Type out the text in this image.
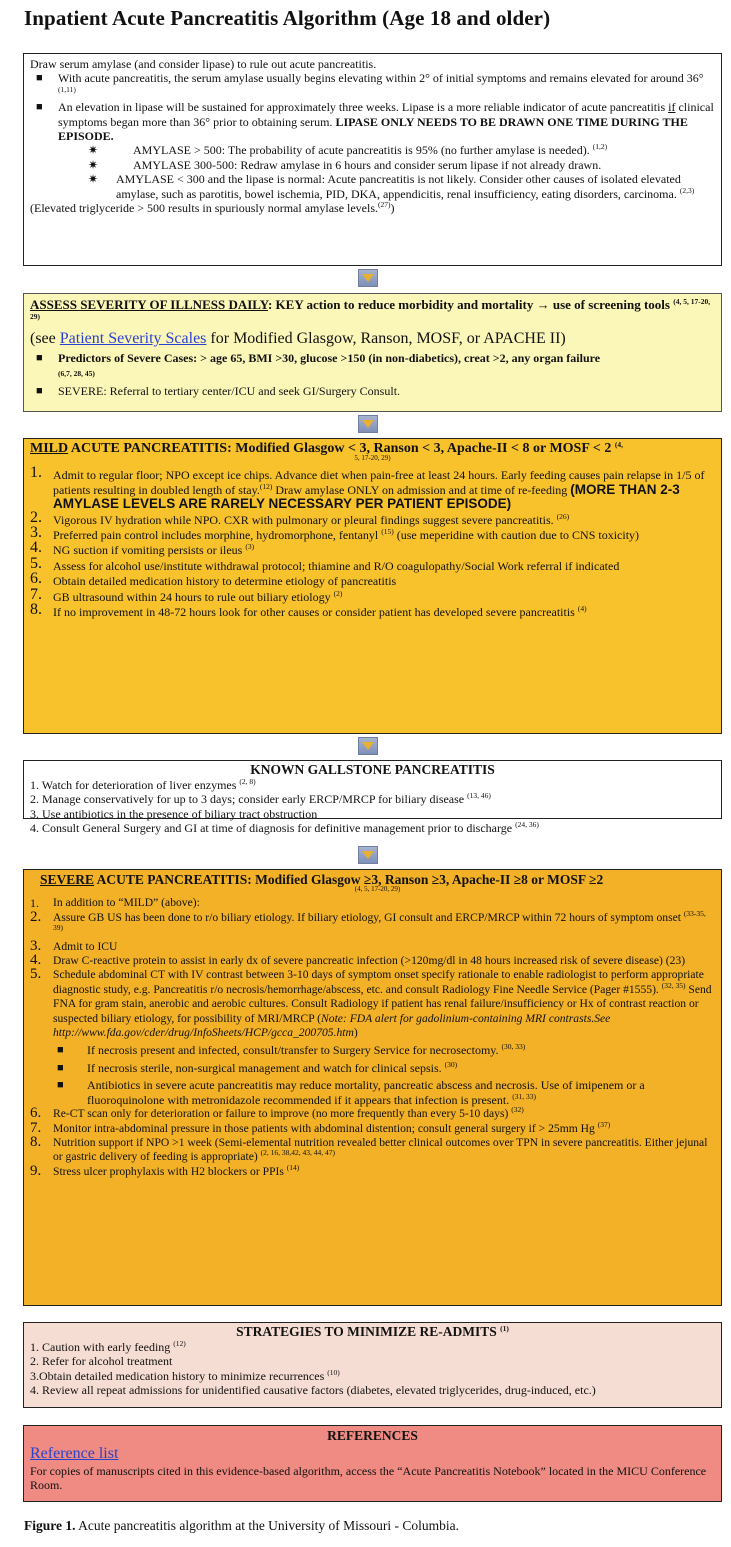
Inpatient Acute Pancreatitis Algorithm (Age 18 and older)
Draw serum amylase (and consider lipase) to rule out acute pancreatitis.
■ With acute pancreatitis, the serum amylase usually begins elevating within 2° of initial symptoms and remains elevated for around 36°$^{(1,11)}$
■ An elevation in lipase will be sustained for approximately three weeks. Lipase is a more reliable indicator of acute pancreatitis if clinical symptoms began more than 36° prior to obtaining serum. LIPASE ONLY NEEDS TO BE DRAWN ONE TIME DURING THE EPISODE.
✷	AMYLASE > 500: The probability of acute pancreatitis is 95% (no further amylase is needed). $^{(1,2)}$
✷	AMYLASE 300-500: Redraw amylase in 6 hours and consider serum lipase if not already drawn.
✷ AMYLASE < 300 and the lipase is normal: Acute pancreatitis is not likely. Consider other causes of isolated elevated amylase, such as parotitis, bowel ischemia, PID, DKA, appendicitis, renal insufficiency, eating disorders, carcinoma. $^{(2,3)}$
(Elevated triglyceride > 500 results in spuriously normal amylase levels.$^{(27)}$)
ASSESS SEVERITY OF ILLNESS DAILY: KEY action to reduce morbidity and mortality → use of screening tools $^{(4, 5, 17-20, 29)}$
(see Patient Severity Scales for Modified Glasgow, Ranson, MOSF, or APACHE II)
■ Predictors of Severe Cases: > age 65, BMI >30, glucose >150 (in non-diabetics), creat >2, any organ failure
(6,7, 28, 45)
■ SEVERE: Referral to tertiary center/ICU and seek GI/Surgery Consult.
MILD ACUTE PANCREATITIS: Modified Glasgow < 3, Ranson < 3, Apache-II < 8 or MOSF < 2 $^{(4,}$
5, 17-20, 29)
1. Admit to regular floor; NPO except ice chips. Advance diet when pain-free at least 24 hours. Early feeding causes pain relapse in 1/5 of patients resulting in doubled length of stay.$^{(12)}$ Draw amylase ONLY on admission and at time of re-feeding (MORE THAN 2-3 AMYLASE LEVELS ARE RARELY NECESSARY PER PATIENT EPISODE)
2. Vigorous IV hydration while NPO. CXR with pulmonary or pleural findings suggest severe pancreatitis. $^{(26)}$
3. Preferred pain control includes morphine, hydromorphone, fentanyl $^{(15)}$ (use meperidine with caution due to CNS toxicity)
4. NG suction if vomiting persists or ileus $^{(3)}$
5. Assess for alcohol use/institute withdrawal protocol; thiamine and R/O coagulopathy/Social Work referral if indicated
6. Obtain detailed medication history to determine etiology of pancreatitis
7. GB ultrasound within 24 hours to rule out biliary etiology $^{(2)}$
8. If no improvement in 48-72 hours look for other causes or consider patient has developed severe pancreatitis $^{(4)}$
KNOWN GALLSTONE PANCREATITIS
1. Watch for deterioration of liver enzymes $^{(2, 8)}$
2. Manage conservatively for up to 3 days; consider early ERCP/MRCP for biliary disease $^{(13, 46)}$
3. Use antibiotics in the presence of biliary tract obstruction
4. Consult General Surgery and GI at time of diagnosis for definitive management prior to discharge $^{(24, 36)}$
SEVERE ACUTE PANCREATITIS: Modified Glasgow ≥3, Ranson ≥3, Apache-II ≥8 or MOSF ≥2
(4, 5, 17-20, 29)
1. In addition to “MILD” (above):
2. Assure GB US has been done to r/o biliary etiology. If biliary etiology, GI consult and ERCP/MRCP within 72 hours of symptom onset $^{(33-35, 39)}$
3. Admit to ICU
4. Draw C-reactive protein to assist in early dx of severe pancreatic infection (>120mg/dl in 48 hours increased risk of severe disease) (23)
5. Schedule abdominal CT with IV contrast between 3-10 days of symptom onset specify rationale to enable radiologist to perform appropriate diagnostic study, e.g. Pancreatitis r/o necrosis/hemorrhage/abscess, etc. and consult Radiology Fine Needle Service (Pager #1555). $^{(32, 35)}$ Send FNA for gram stain, anerobic and aerobic cultures. Consult Radiology if patient has renal failure/insufficiency or Hx of contrast reaction or suspected biliary etiology, for possibility of MRI/MRCP (Note: FDA alert for gadolinium-containing MRI contrasts.See http://www.fda.gov/cder/drug/InfoSheets/HCP/gcca_200705.htm)
■ If necrosis present and infected, consult/transfer to Surgery Service for necrosectomy. $^{(30, 33)}$
■ If necrosis sterile, non-surgical management and watch for clinical sepsis. $^{(30)}$
■ Antibiotics in severe acute pancreatitis may reduce mortality, pancreatic abscess and necrosis. Use of imipenem or a fluoroquinolone with metronidazole recommended if it appears that infection is present. $^{(31, 33)}$
6. Re-CT scan only for deterioration or failure to improve (no more frequently than every 5-10 days) $^{(32)}$
7. Monitor intra-abdominal pressure in those patients with abdominal distention; consult general surgery if > 25mm Hg $^{(37)}$
8. Nutrition support if NPO >1 week (Semi-elemental nutrition revealed better clinical outcomes over TPN in severe pancreatitis. Either jejunal or gastric delivery of feeding is appropriate) $^{(2, 16, 38,42, 43, 44, 47)}$
9. Stress ulcer prophylaxis with H2 blockers or PPIs $^{(14)}$
STRATEGIES TO MINIMIZE RE-ADMITS $^{(1)}$
1. Caution with early feeding $^{(12)}$
2. Refer for alcohol treatment
3.Obtain detailed medication history to minimize recurrences $^{(10)}$
4. Review all repeat admissions for unidentified causative factors (diabetes, elevated triglycerides, drug-induced, etc.)
REFERENCES
Reference list
For copies of manuscripts cited in this evidence-based algorithm, access the “Acute Pancreatitis Notebook” located in the MICU Conference Room.
Figure 1. Acute pancreatitis algorithm at the University of Missouri - Columbia.
